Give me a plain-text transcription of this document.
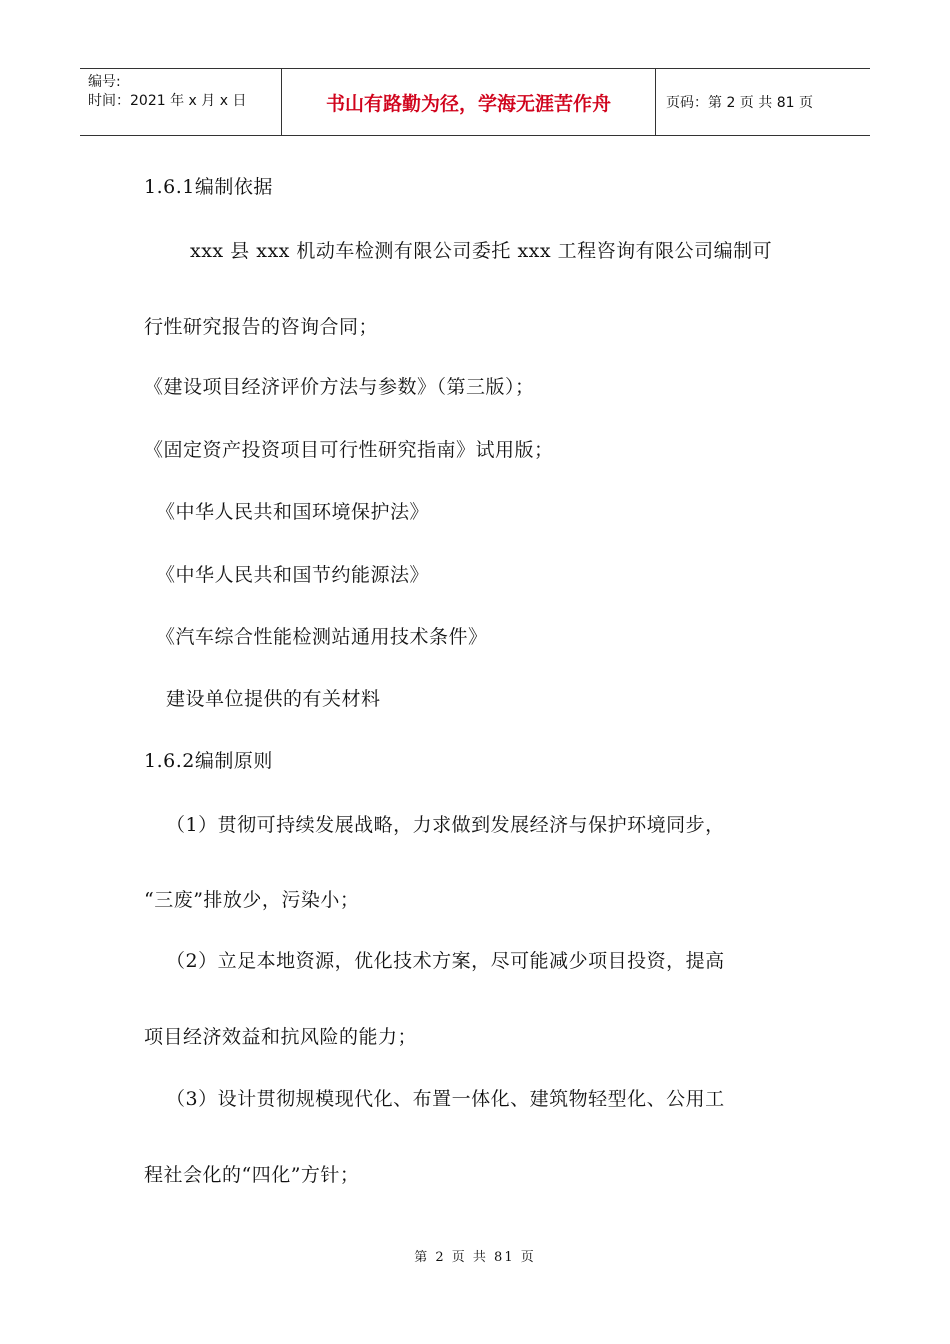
编号:
时间：2021 年 x 月 x 日	书山有路勤为径，学海无涯苦作舟	页码：第 2 页 共 81 页
1.6.1编制依据
xxx 县 xxx 机动车检测有限公司委托 xxx 工程咨询有限公司编制可
行性研究报告的咨询合同；
《建设项目经济评价方法与参数》（第三版）；
《固定资产投资项目可行性研究指南》试用版；
《中华人民共和国环境保护法》
《中华人民共和国节约能源法》
《汽车综合性能检测站通用技术条件》
建设单位提供的有关材料
1.6.2编制原则
（1）贯彻可持续发展战略，力求做到发展经济与保护环境同步，
“三废”排放少，污染小；
（2）立足本地资源，优化技术方案，尽可能减少项目投资，提高
项目经济效益和抗风险的能力；
（3）设计贯彻规模现代化、布置一体化、建筑物轻型化、公用工
程社会化的“四化”方针；
第 2 页 共 81 页
